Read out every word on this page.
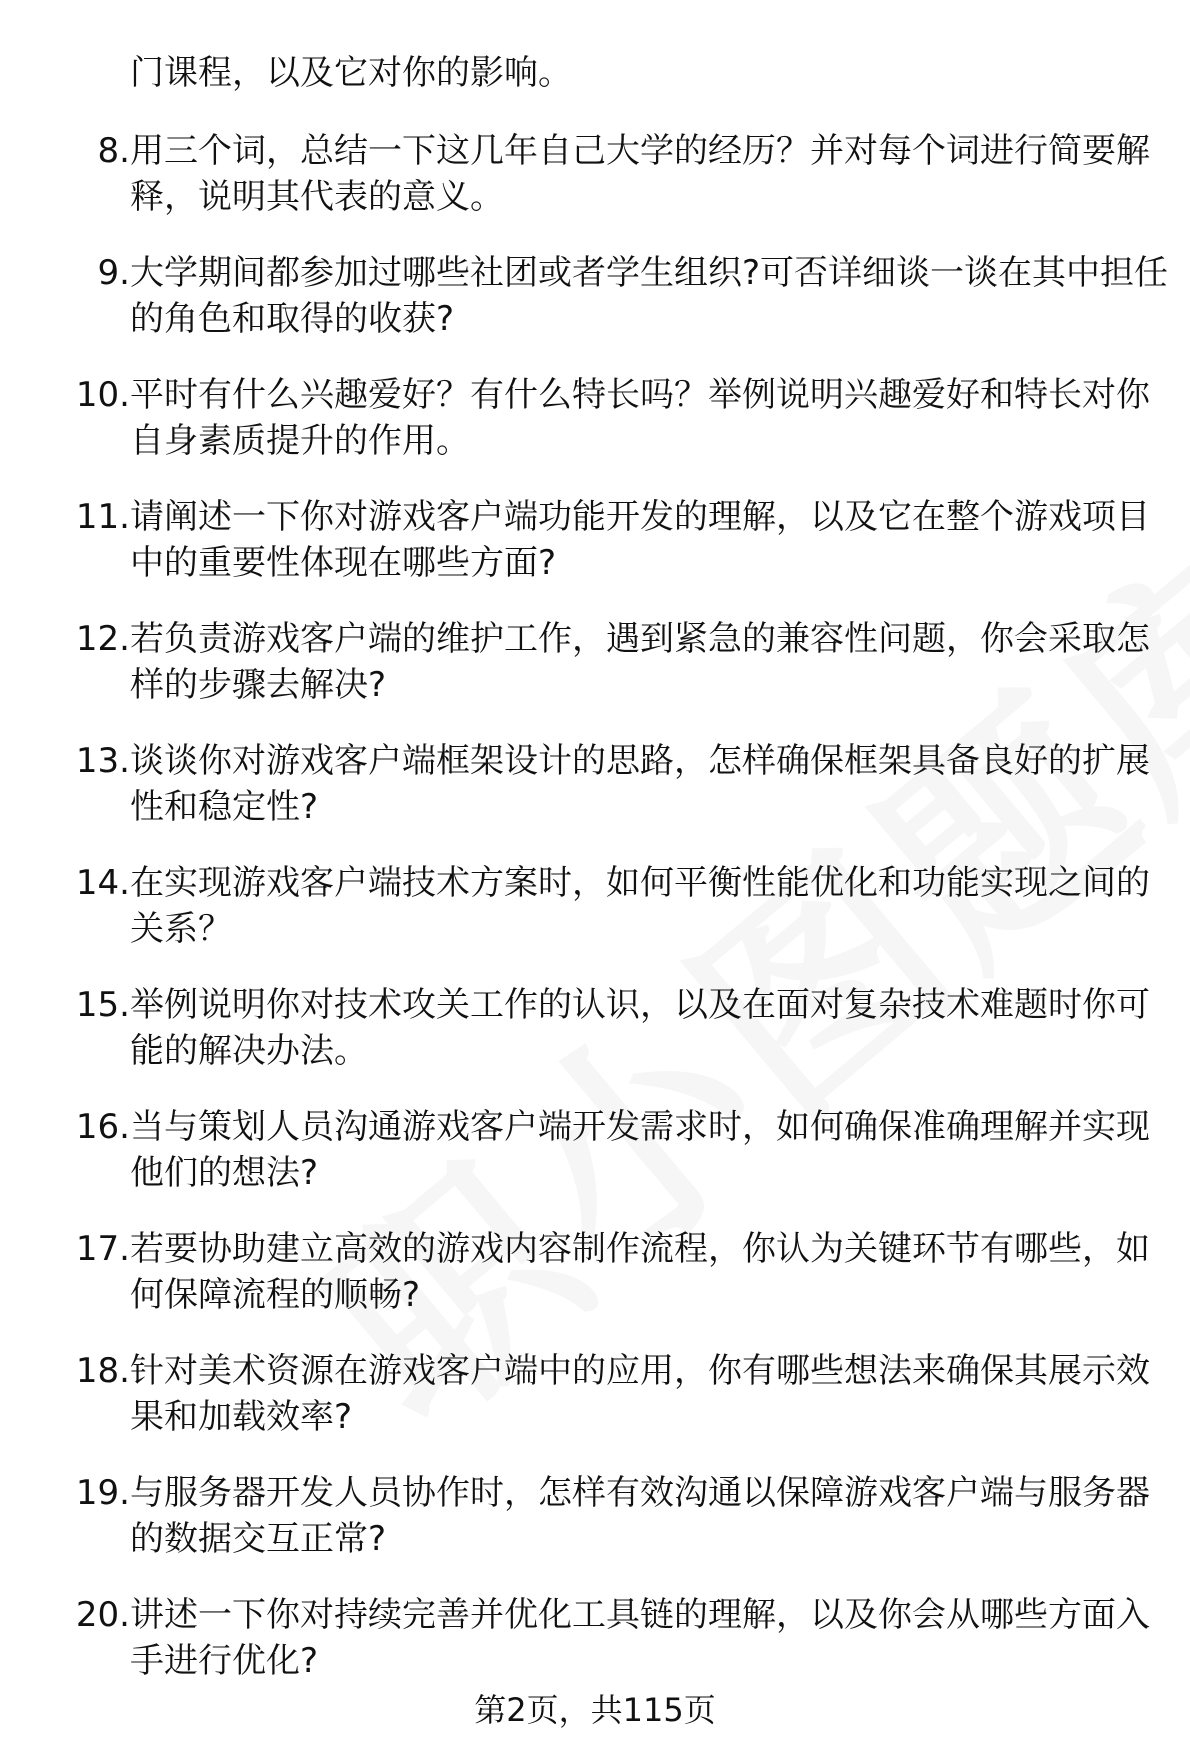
门课程，以及它对你的影响。
8. 用三个词，总结一下这几年自己大学的经历？并对每个词进行简要解释，说明其代表的意义。
9. 大学期间都参加过哪些社团或者学生组织?可否详细谈一谈在其中担任的角色和取得的收获?
10. 平时有什么兴趣爱好？有什么特长吗？举例说明兴趣爱好和特长对你自身素质提升的作用。
11. 请阐述一下你对游戏客户端功能开发的理解，以及它在整个游戏项目中的重要性体现在哪些方面?
12. 若负责游戏客户端的维护工作，遇到紧急的兼容性问题，你会采取怎样的步骤去解决?
13. 谈谈你对游戏客户端框架设计的思路，怎样确保框架具备良好的扩展性和稳定性?
14. 在实现游戏客户端技术方案时，如何平衡性能优化和功能实现之间的关系？
15. 举例说明你对技术攻关工作的认识，以及在面对复杂技术难题时你可能的解决办法。
16. 当与策划人员沟通游戏客户端开发需求时，如何确保准确理解并实现他们的想法?
17. 若要协助建立高效的游戏内容制作流程，你认为关键环节有哪些，如何保障流程的顺畅?
18. 针对美术资源在游戏客户端中的应用，你有哪些想法来确保其展示效果和加载效率?
19. 与服务器开发人员协作时，怎样有效沟通以保障游戏客户端与服务器的数据交互正常?
20. 讲述一下你对持续完善并优化工具链的理解，以及你会从哪些方面入手进行优化?
第2页，共115页
